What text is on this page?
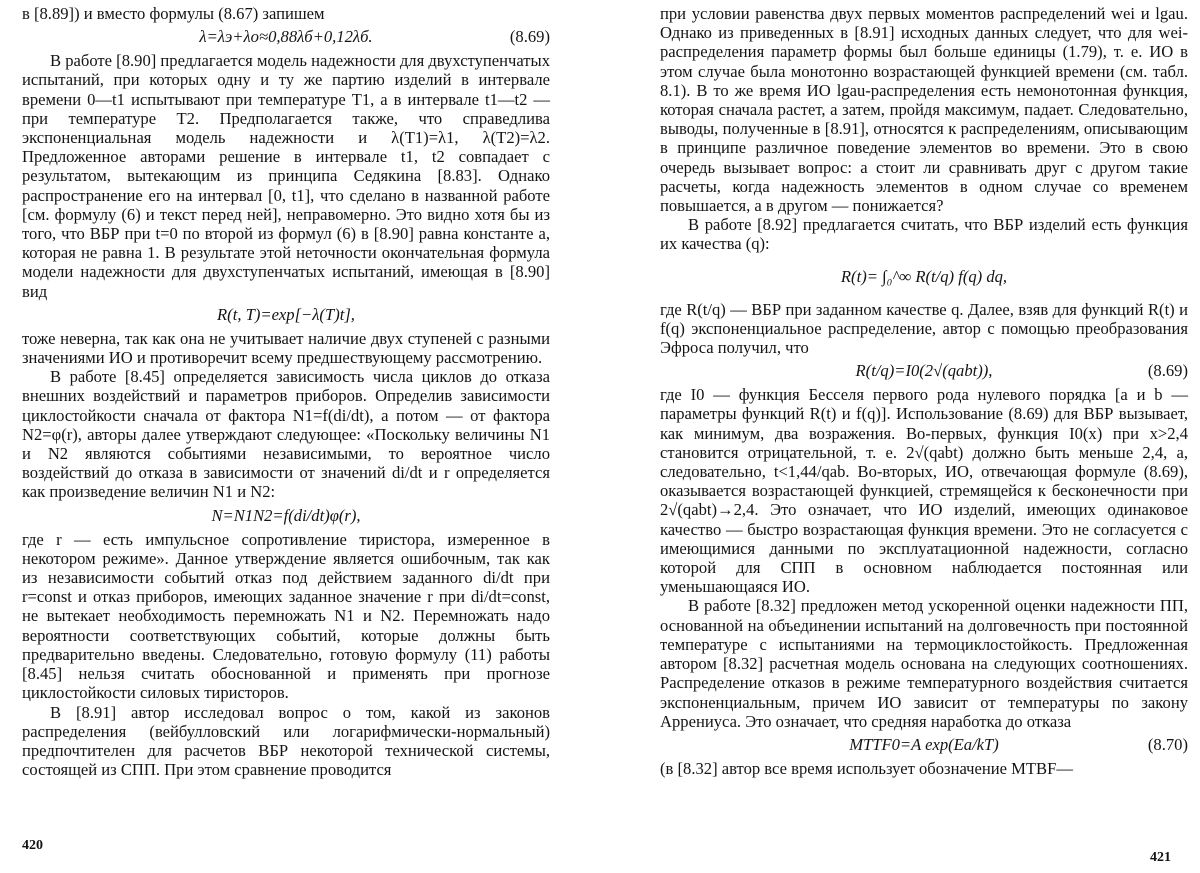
в [8.89]) и вместо формулы (8.67) запишем

λ=λэ+λо≈0,88λб+0,12λб.	(8.69)

В работе [8.90] предлагается модель надежности для двухступенчатых испытаний, при которых одну и ту же партию изделий в интервале времени 0—t1 испытывают при температуре T1, а в интервале t1—t2 — при температуре T2. Предполагается также, что справедлива экспоненциальная модель надежности и λ(T1)=λ1, λ(T2)=λ2. Предложенное авторами решение в интервале t1, t2 совпадает с результатом, вытекающим из принципа Седякина [8.83]. Однако распространение его на интервал [0, t1], что сделано в названной работе [см. формулу (6) и текст перед ней], неправомерно. Это видно хотя бы из того, что ВБР при t=0 по второй из формул (6) в [8.90] равна константе a, которая не равна 1. В результате этой неточности окончательная формула модели надежности для двухступенчатых испытаний, имеющая в [8.90] вид

R(t, T)=exp[−λ(T)t],

тоже неверна, так как она не учитывает наличие двух ступеней с разными значениями ИО и противоречит всему предшествующему рассмотрению.

В работе [8.45] определяется зависимость числа циклов до отказа внешних воздействий и параметров приборов. Определив зависимости циклостойкости сначала от фактора N1=f(di/dt), а потом — от фактора N2=φ(r), авторы далее утверждают следующее: «Поскольку величины N1 и N2 являются событиями независимыми, то вероятное число воздействий до отказа в зависимости от значений di/dt и r определяется как произведение величин N1 и N2:

N=N1N2=f(di/dt)φ(r),

где r — есть импульсное сопротивление тиристора, измеренное в некотором режиме». Данное утверждение является ошибочным, так как из независимости событий отказ под действием заданного di/dt при r=const и отказ приборов, имеющих заданное значение r при di/dt=const, не вытекает необходимость перемножать N1 и N2. Перемножать надо вероятности соответствующих событий, которые должны быть предварительно введены. Следовательно, готовую формулу (11) работы [8.45] нельзя считать обоснованной и применять при прогнозе циклостойкости силовых тиристоров.

В [8.91] автор исследовал вопрос о том, какой из законов распределения (вейбулловский или логарифмически-нормальный) предпочтителен для расчетов ВБР некоторой технической системы, состоящей из СПП. При этом сравнение проводится

420

при условии равенства двух первых моментов распределений wei и lgau. Однако из приведенных в [8.91] исходных данных следует, что для wei-распределения параметр формы был больше единицы (1.79), т. е. ИО в этом случае была монотонно возрастающей функцией времени (см. табл. 8.1). В то же время ИО lgau-распределения есть немонотонная функция, которая сначала растет, а затем, пройдя максимум, падает. Следовательно, выводы, полученные в [8.91], относятся к распределениям, описывающим в принципе различное поведение элементов во времени. Это в свою очередь вызывает вопрос: а стоит ли сравнивать друг с другом такие расчеты, когда надежность элементов в одном случае со временем повышается, а в другом — понижается?

В работе [8.92] предлагается считать, что ВБР изделий есть функция их качества (q):

R(t)= ∫₀^∞ R(t/q) f(q) dq,

где R(t/q) — ВБР при заданном качестве q. Далее, взяв для функций R(t) и f(q) экспоненциальное распределение, автор с помощью преобразования Эфроса получил, что

R(t/q)=I0(2√(qabt)),	(8.69)

где I0 — функция Бесселя первого рода нулевого порядка [a и b — параметры функций R(t) и f(q)]. Использование (8.69) для ВБР вызывает, как минимум, два возражения. Во-первых, функция I0(x) при x>2,4 становится отрицательной, т. е. 2√(qabt) должно быть меньше 2,4, а, следовательно, t<1,44/qab. Во-вторых, ИО, отвечающая формуле (8.69), оказывается возрастающей функцией, стремящейся к бесконечности при 2√(qabt)→2,4. Это означает, что ИО изделий, имеющих одинаковое качество — быстро возрастающая функция времени. Это не согласуется с имеющимися данными по эксплуатационной надежности, согласно которой для СПП в основном наблюдается постоянная или уменьшающаяся ИО.

В работе [8.32] предложен метод ускоренной оценки надежности ПП, основанной на объединении испытаний на долговечность при постоянной температуре с испытаниями на термоциклостойкость. Предложенная автором [8.32] расчетная модель основана на следующих соотношениях. Распределение отказов в режиме температурного воздействия считается экспоненциальным, причем ИО зависит от температуры по закону Аррениуса. Это означает, что средняя наработка до отказа

MTTF0=A exp(Ea/kT)	(8.70)

(в [8.32] автор все время использует обозначение MTBF—

421
